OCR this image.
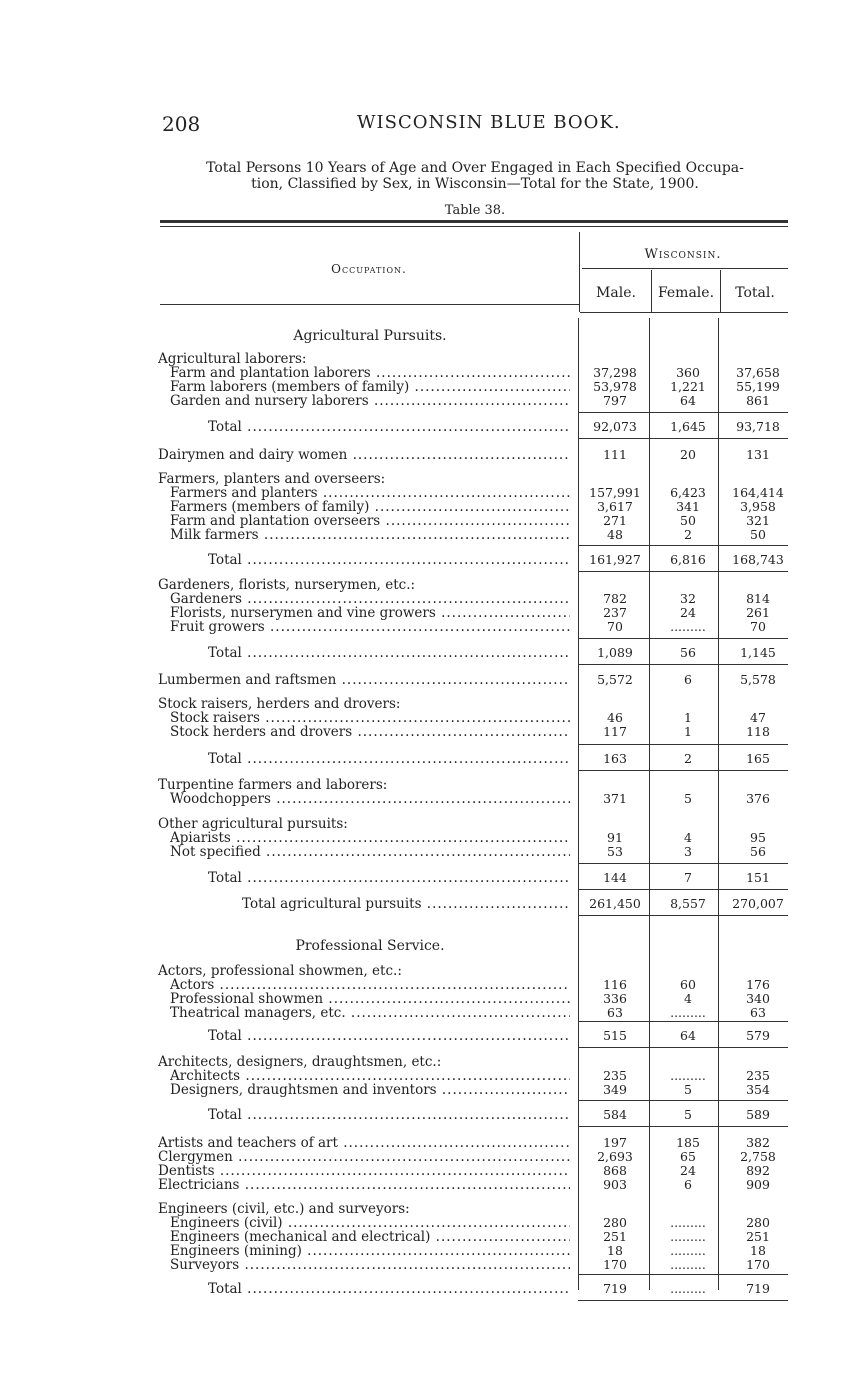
208	WISCONSIN BLUE BOOK.
Total Persons 10 Years of Age and Over Engaged in Each Specified Occupa-
tion, Classified by Sex, in Wisconsin—Total for the State, 1900.
Table 38.
Occupation.
Wisconsin.
Male.	Female.	Total.
Agricultural Pursuits.
Agricultural laborers:
Farm and plantation laborers .....	37,298	360	37,658
Farm laborers (members of family) .....	53,978	1,221	55,199
Garden and nursery laborers .....	797	64	861
Total .....	92,073	1,645	93,718
Dairymen and dairy women .....	111	20	131
Farmers, planters and overseers:
Farmers and planters .....	157,991	6,423	164,414
Farmers (members of family) .....	3,617	341	3,958
Farm and plantation overseers .....	271	50	321
Milk farmers .....	48	2	50
Total .....	161,927	6,816	168,743
Gardeners, florists, nurserymen, etc.:
Gardeners .....	782	32	814
Florists, nurserymen and vine growers .....	237	24	261
Fruit growers .....	70	.........	70
Total .....	1,089	56	1,145
Lumbermen and raftsmen .....	5,572	6	5,578
Stock raisers, herders and drovers:
Stock raisers .....	46	1	47
Stock herders and drovers .....	117	1	118
Total .....	163	2	165
Turpentine farmers and laborers:
Woodchoppers .....	371	5	376
Other agricultural pursuits:
Apiarists .....	91	4	95
Not specified .....	53	3	56
Total .....	144	7	151
Total agricultural pursuits .....	261,450	8,557	270,007
Professional Service.
Actors, professional showmen, etc.:
Actors .....	116	60	176
Professional showmen .....	336	4	340
Theatrical managers, etc. .....	63	.........	63
Total .....	515	64	579
Architects, designers, draughtsmen, etc.:
Architects .....	235	.........	235
Designers, draughtsmen and inventors .....	349	5	354
Total .....	584	5	589
Artists and teachers of art .....	197	185	382
Clergymen .....	2,693	65	2,758
Dentists .....	868	24	892
Electricians .....	903	6	909
Engineers (civil, etc.) and surveyors:
Engineers (civil) .....	280	.........	280
Engineers (mechanical and electrical) .....	251	.........	251
Engineers (mining) .....	18	.........	18
Surveyors .....	170	.........	170
Total .....	719	.........	719
